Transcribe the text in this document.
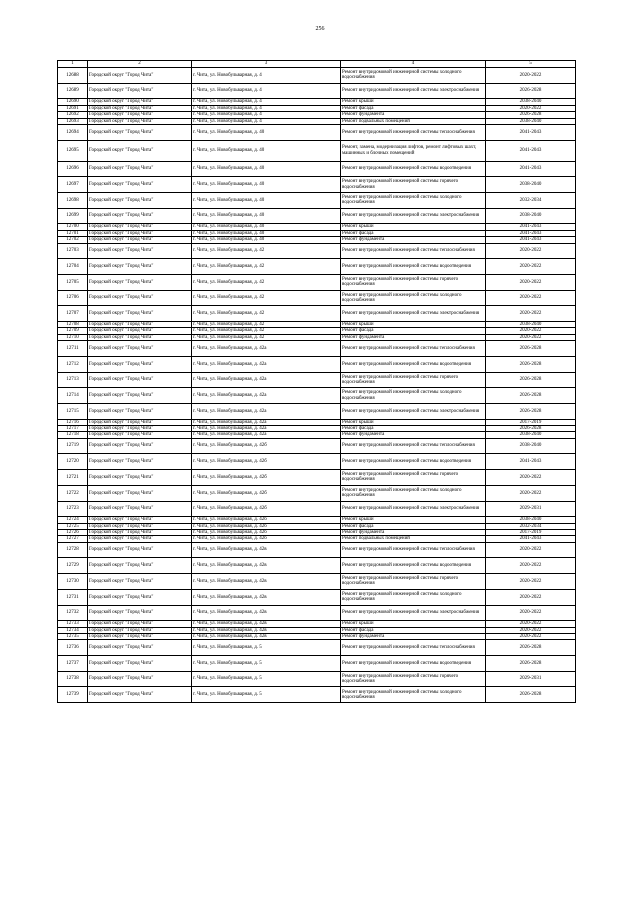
256
1	2	3	4	5

12688	Городской округ "Город Чита"	г. Чита, ул. Новобульварная, д. 4	Ремонт внутридомовой инженерной системы холодного водоснабжения	2020-2022

12689	Городской округ "Город Чита"	г. Чита, ул. Новобульварная, д. 4	Ремонт внутридомовой инженерной системы электроснабжения	2026-2028

12690	Городской округ "Город Чита"	г. Чита, ул. Новобульварная, д. 4	Ремонт крыши	2038-2040

12691	Городской округ "Город Чита"	г. Чита, ул. Новобульварная, д. 4	Ремонт фасада	2020-2022

12692	Городской округ "Город Чита"	г. Чита, ул. Новобульварная, д. 4	Ремонт фундамента	2026-2028

12693	Городской округ "Город Чита"	г. Чита, ул. Новобульварная, д. 4	Ремонт подвальных помещений	2038-2040

12694	Городской округ "Город Чита"	г. Чита, ул. Новобульварная, д. 40	Ремонт внутридомовой инженерной системы теплоснабжения	2041-2043

12695	Городской округ "Город Чита"	г. Чита, ул. Новобульварная, д. 40	Ремонт, замена, модернизация лифтов, ремонт лифтовых шахт, машинных и блочных помещений	2041-2043

12696	Городской округ "Город Чита"	г. Чита, ул. Новобульварная, д. 40	Ремонт внутридомовой инженерной системы водоотведения	2041-2043

12697	Городской округ "Город Чита"	г. Чита, ул. Новобульварная, д. 40	Ремонт внутридомовой инженерной системы горячего водоснабжения	2038-2040

12698	Городской округ "Город Чита"	г. Чита, ул. Новобульварная, д. 40	Ремонт внутридомовой инженерной системы холодного водоснабжения	2032-2034

12699	Городской округ "Город Чита"	г. Чита, ул. Новобульварная, д. 40	Ремонт внутридомовой инженерной системы электроснабжения	2038-2040

12700	Городской округ "Город Чита"	г. Чита, ул. Новобульварная, д. 40	Ремонт крыши	2041-2043

12701	Городской округ "Город Чита"	г. Чита, ул. Новобульварная, д. 40	Ремонт фасада	2041-2043

12702	Городской округ "Город Чита"	г. Чита, ул. Новобульварная, д. 40	Ремонт фундамента	2041-2043

12703	Городской округ "Город Чита"	г. Чита, ул. Новобульварная, д. 42	Ремонт внутридомовой инженерной системы теплоснабжения	2020-2022

12704	Городской округ "Город Чита"	г. Чита, ул. Новобульварная, д. 42	Ремонт внутридомовой инженерной системы водоотведения	2020-2022

12705	Городской округ "Город Чита"	г. Чита, ул. Новобульварная, д. 42	Ремонт внутридомовой инженерной системы горячего водоснабжения	2020-2022

12706	Городской округ "Город Чита"	г. Чита, ул. Новобульварная, д. 42	Ремонт внутридомовой инженерной системы холодного водоснабжения	2020-2022

12707	Городской округ "Город Чита"	г. Чита, ул. Новобульварная, д. 42	Ремонт внутридомовой инженерной системы электроснабжения	2020-2022

12708	Городской округ "Город Чита"	г. Чита, ул. Новобульварная, д. 42	Ремонт крыши	2038-2040

12709	Городской округ "Город Чита"	г. Чита, ул. Новобульварная, д. 42	Ремонт фасада	2020-2022

12710	Городской округ "Город Чита"	г. Чита, ул. Новобульварная, д. 42	Ремонт фундамента	2020-2022

12711	Городской округ "Город Чита"	г. Чита, ул. Новобульварная, д. 42а	Ремонт внутридомовой инженерной системы теплоснабжения	2026-2028

12712	Городской округ "Город Чита"	г. Чита, ул. Новобульварная, д. 42а	Ремонт внутридомовой инженерной системы водоотведения	2026-2028

12713	Городской округ "Город Чита"	г. Чита, ул. Новобульварная, д. 42а	Ремонт внутридомовой инженерной системы горячего водоснабжения	2026-2028

12714	Городской округ "Город Чита"	г. Чита, ул. Новобульварная, д. 42а	Ремонт внутридомовой инженерной системы холодного водоснабжения	2026-2028

12715	Городской округ "Город Чита"	г. Чита, ул. Новобульварная, д. 42а	Ремонт внутридомовой инженерной системы электроснабжения	2026-2028

12716	Городской округ "Город Чита"	г. Чита, ул. Новобульварная, д. 42а	Ремонт крыши	2017-2019

12717	Городской округ "Город Чита"	г. Чита, ул. Новобульварная, д. 42а	Ремонт фасада	2026-2028

12718	Городской округ "Город Чита"	г. Чита, ул. Новобульварная, д. 42а	Ремонт фундамента	2038-2040

12719	Городской округ "Город Чита"	г. Чита, ул. Новобульварная, д. 42б	Ремонт внутридомовой инженерной системы теплоснабжения	2038-2040

12720	Городской округ "Город Чита"	г. Чита, ул. Новобульварная, д. 42б	Ремонт внутридомовой инженерной системы водоотведения	2041-2043

12721	Городской округ "Город Чита"	г. Чита, ул. Новобульварная, д. 42б	Ремонт внутридомовой инженерной системы горячего водоснабжения	2020-2022

12722	Городской округ "Город Чита"	г. Чита, ул. Новобульварная, д. 42б	Ремонт внутридомовой инженерной системы холодного водоснабжения	2020-2022

12723	Городской округ "Город Чита"	г. Чита, ул. Новобульварная, д. 42б	Ремонт внутридомовой инженерной системы электроснабжения	2029-2031

12724	Городской округ "Город Чита"	г. Чита, ул. Новобульварная, д. 42б	Ремонт крыши	2038-2040

12725	Городской округ "Город Чита"	г. Чита, ул. Новобульварная, д. 42б	Ремонт фасада	2032-2034

12726	Городской округ "Город Чита"	г. Чита, ул. Новобульварная, д. 42б	Ремонт фундамента	2017-2019

12727	Городской округ "Город Чита"	г. Чита, ул. Новобульварная, д. 42б	Ремонт подвальных помещений	2041-2043

12728	Городской округ "Город Чита"	г. Чита, ул. Новобульварная, д. 42в	Ремонт внутридомовой инженерной системы теплоснабжения	2020-2022

12729	Городской округ "Город Чита"	г. Чита, ул. Новобульварная, д. 42в	Ремонт внутридомовой инженерной системы водоотведения	2020-2022

12730	Городской округ "Город Чита"	г. Чита, ул. Новобульварная, д. 42в	Ремонт внутридомовой инженерной системы горячего водоснабжения	2020-2022

12731	Городской округ "Город Чита"	г. Чита, ул. Новобульварная, д. 42в	Ремонт внутридомовой инженерной системы холодного водоснабжения	2020-2022

12732	Городской округ "Город Чита"	г. Чита, ул. Новобульварная, д. 42в	Ремонт внутридомовой инженерной системы электроснабжения	2020-2022

12733	Городской округ "Город Чита"	г. Чита, ул. Новобульварная, д. 42в	Ремонт крыши	2020-2022

12734	Городской округ "Город Чита"	г. Чита, ул. Новобульварная, д. 42в	Ремонт фасада	2020-2022

12735	Городской округ "Город Чита"	г. Чита, ул. Новобульварная, д. 42в	Ремонт фундамента	2020-2022

12736	Городской округ "Город Чита"	г. Чита, ул. Новобульварная, д. 5	Ремонт внутридомовой инженерной системы теплоснабжения	2026-2028

12737	Городской округ "Город Чита"	г. Чита, ул. Новобульварная, д. 5	Ремонт внутридомовой инженерной системы водоотведения	2026-2028

12738	Городской округ "Город Чита"	г. Чита, ул. Новобульварная, д. 5	Ремонт внутридомовой инженерной системы горячего водоснабжения	2029-2031

12739	Городской округ "Город Чита"	г. Чита, ул. Новобульварная, д. 5	Ремонт внутридомовой инженерной системы холодного водоснабжения	2026-2028
